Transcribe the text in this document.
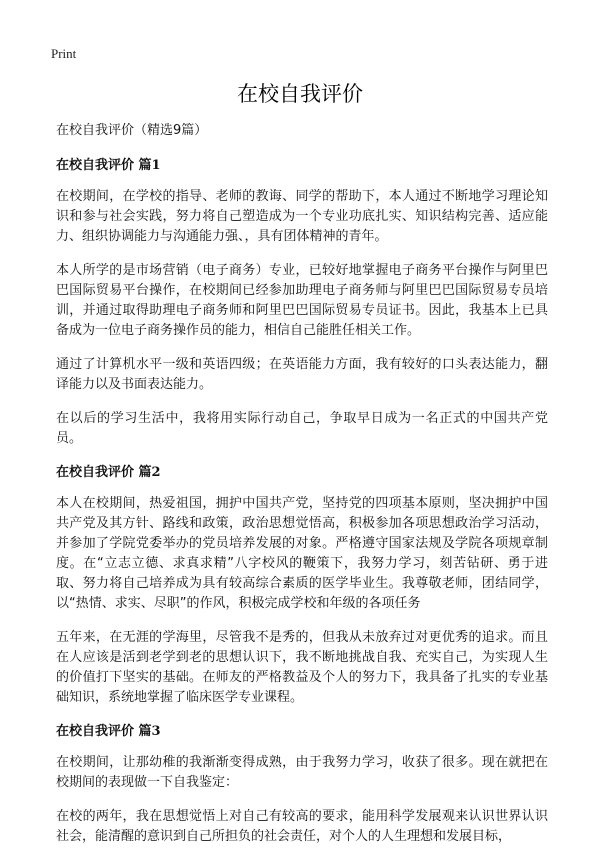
Print
在校自我评价

在校自我评价（精选9篇）

在校自我评价 篇1

在校期间，在学校的指导、老师的教诲、同学的帮助下，本人通过不断地学习理论知识和参与社会实践，努力将自己塑造成为一个专业功底扎实、知识结构完善、适应能力、组织协调能力与沟通能力强、，具有团体精神的青年。

本人所学的是市场营销（电子商务）专业，已较好地掌握电子商务平台操作与阿里巴巴国际贸易平台操作，在校期间已经参加助理电子商务师与阿里巴巴国际贸易专员培训，并通过取得助理电子商务师和阿里巴巴国际贸易专员证书。因此，我基本上已具备成为一位电子商务操作员的能力，相信自己能胜任相关工作。

通过了计算机水平一级和英语四级；在英语能力方面，我有较好的口头表达能力，翻译能力以及书面表达能力。

在以后的学习生活中，我将用实际行动自己，争取早日成为一名正式的中国共产党员。

在校自我评价 篇2

本人在校期间，热爱祖国，拥护中国共产党，坚持党的四项基本原则，坚决拥护中国共产党及其方针、路线和政策，政治思想觉悟高，积极参加各项思想政治学习活动，并参加了学院党委举办的党员培养发展的对象。严格遵守国家法规及学院各项规章制度。在“立志立德、求真求精”八字校风的鞭策下，我努力学习，刻苦钻研、勇于进取、努力将自己培养成为具有较高综合素质的医学毕业生。我尊敬老师，团结同学，以“热情、求实、尽职”的作风，积极完成学校和年级的各项任务

五年来，在无涯的学海里，尽管我不是秀的，但我从未放弃过对更优秀的追求。而且在人应该是活到老学到老的思想认识下，我不断地挑战自我、充实自己，为实现人生的价值打下坚实的基础。在师友的严格教益及个人的努力下，我具备了扎实的专业基础知识，系统地掌握了临床医学专业课程。

在校自我评价 篇3

在校期间，让那幼稚的我渐渐变得成熟，由于我努力学习，收获了很多。现在就把在校期间的表现做一下自我鉴定：

在校的两年，我在思想觉悟上对自己有较高的要求，能用科学发展观来认识世界认识社会，能清醒的意识到自己所担负的社会责任，对个人的人生理想和发展目标，
